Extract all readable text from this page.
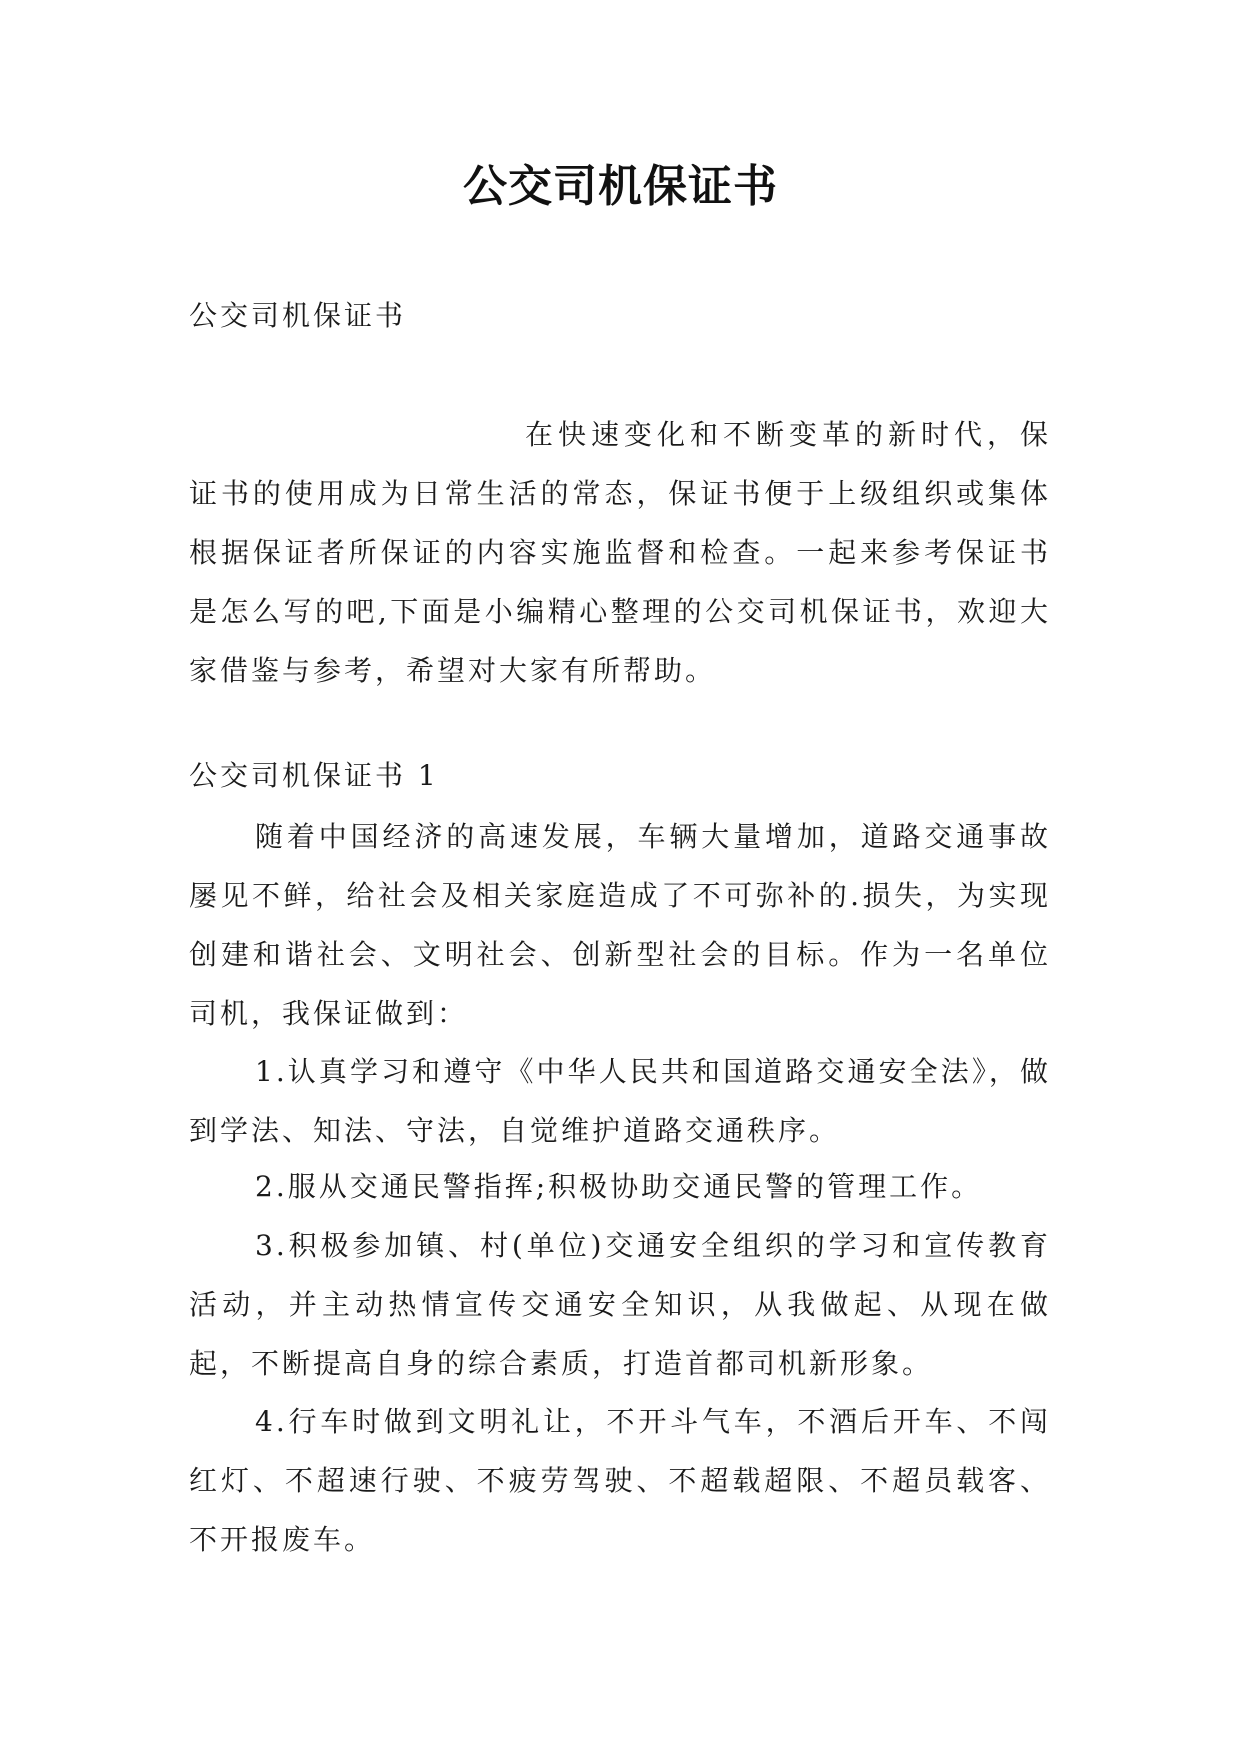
公交司机保证书

公交司机保证书

在快速变化和不断变革的新时代，保证书的使用成为日常生活的常态，保证书便于上级组织或集体根据保证者所保证的内容实施监督和检查。一起来参考保证书是怎么写的吧,下面是小编精心整理的公交司机保证书，欢迎大家借鉴与参考，希望对大家有所帮助。

公交司机保证书 1

随着中国经济的高速发展，车辆大量增加，道路交通事故屡见不鲜，给社会及相关家庭造成了不可弥补的.损失，为实现创建和谐社会、文明社会、创新型社会的目标。作为一名单位司机，我保证做到：

1.认真学习和遵守《中华人民共和国道路交通安全法》，做到学法、知法、守法，自觉维护道路交通秩序。

2.服从交通民警指挥;积极协助交通民警的管理工作。

3.积极参加镇、村(单位)交通安全组织的学习和宣传教育活动，并主动热情宣传交通安全知识，从我做起、从现在做起，不断提高自身的综合素质，打造首都司机新形象。

4.行车时做到文明礼让，不开斗气车，不酒后开车、不闯红灯、不超速行驶、不疲劳驾驶、不超载超限、不超员载客、不开报废车。
